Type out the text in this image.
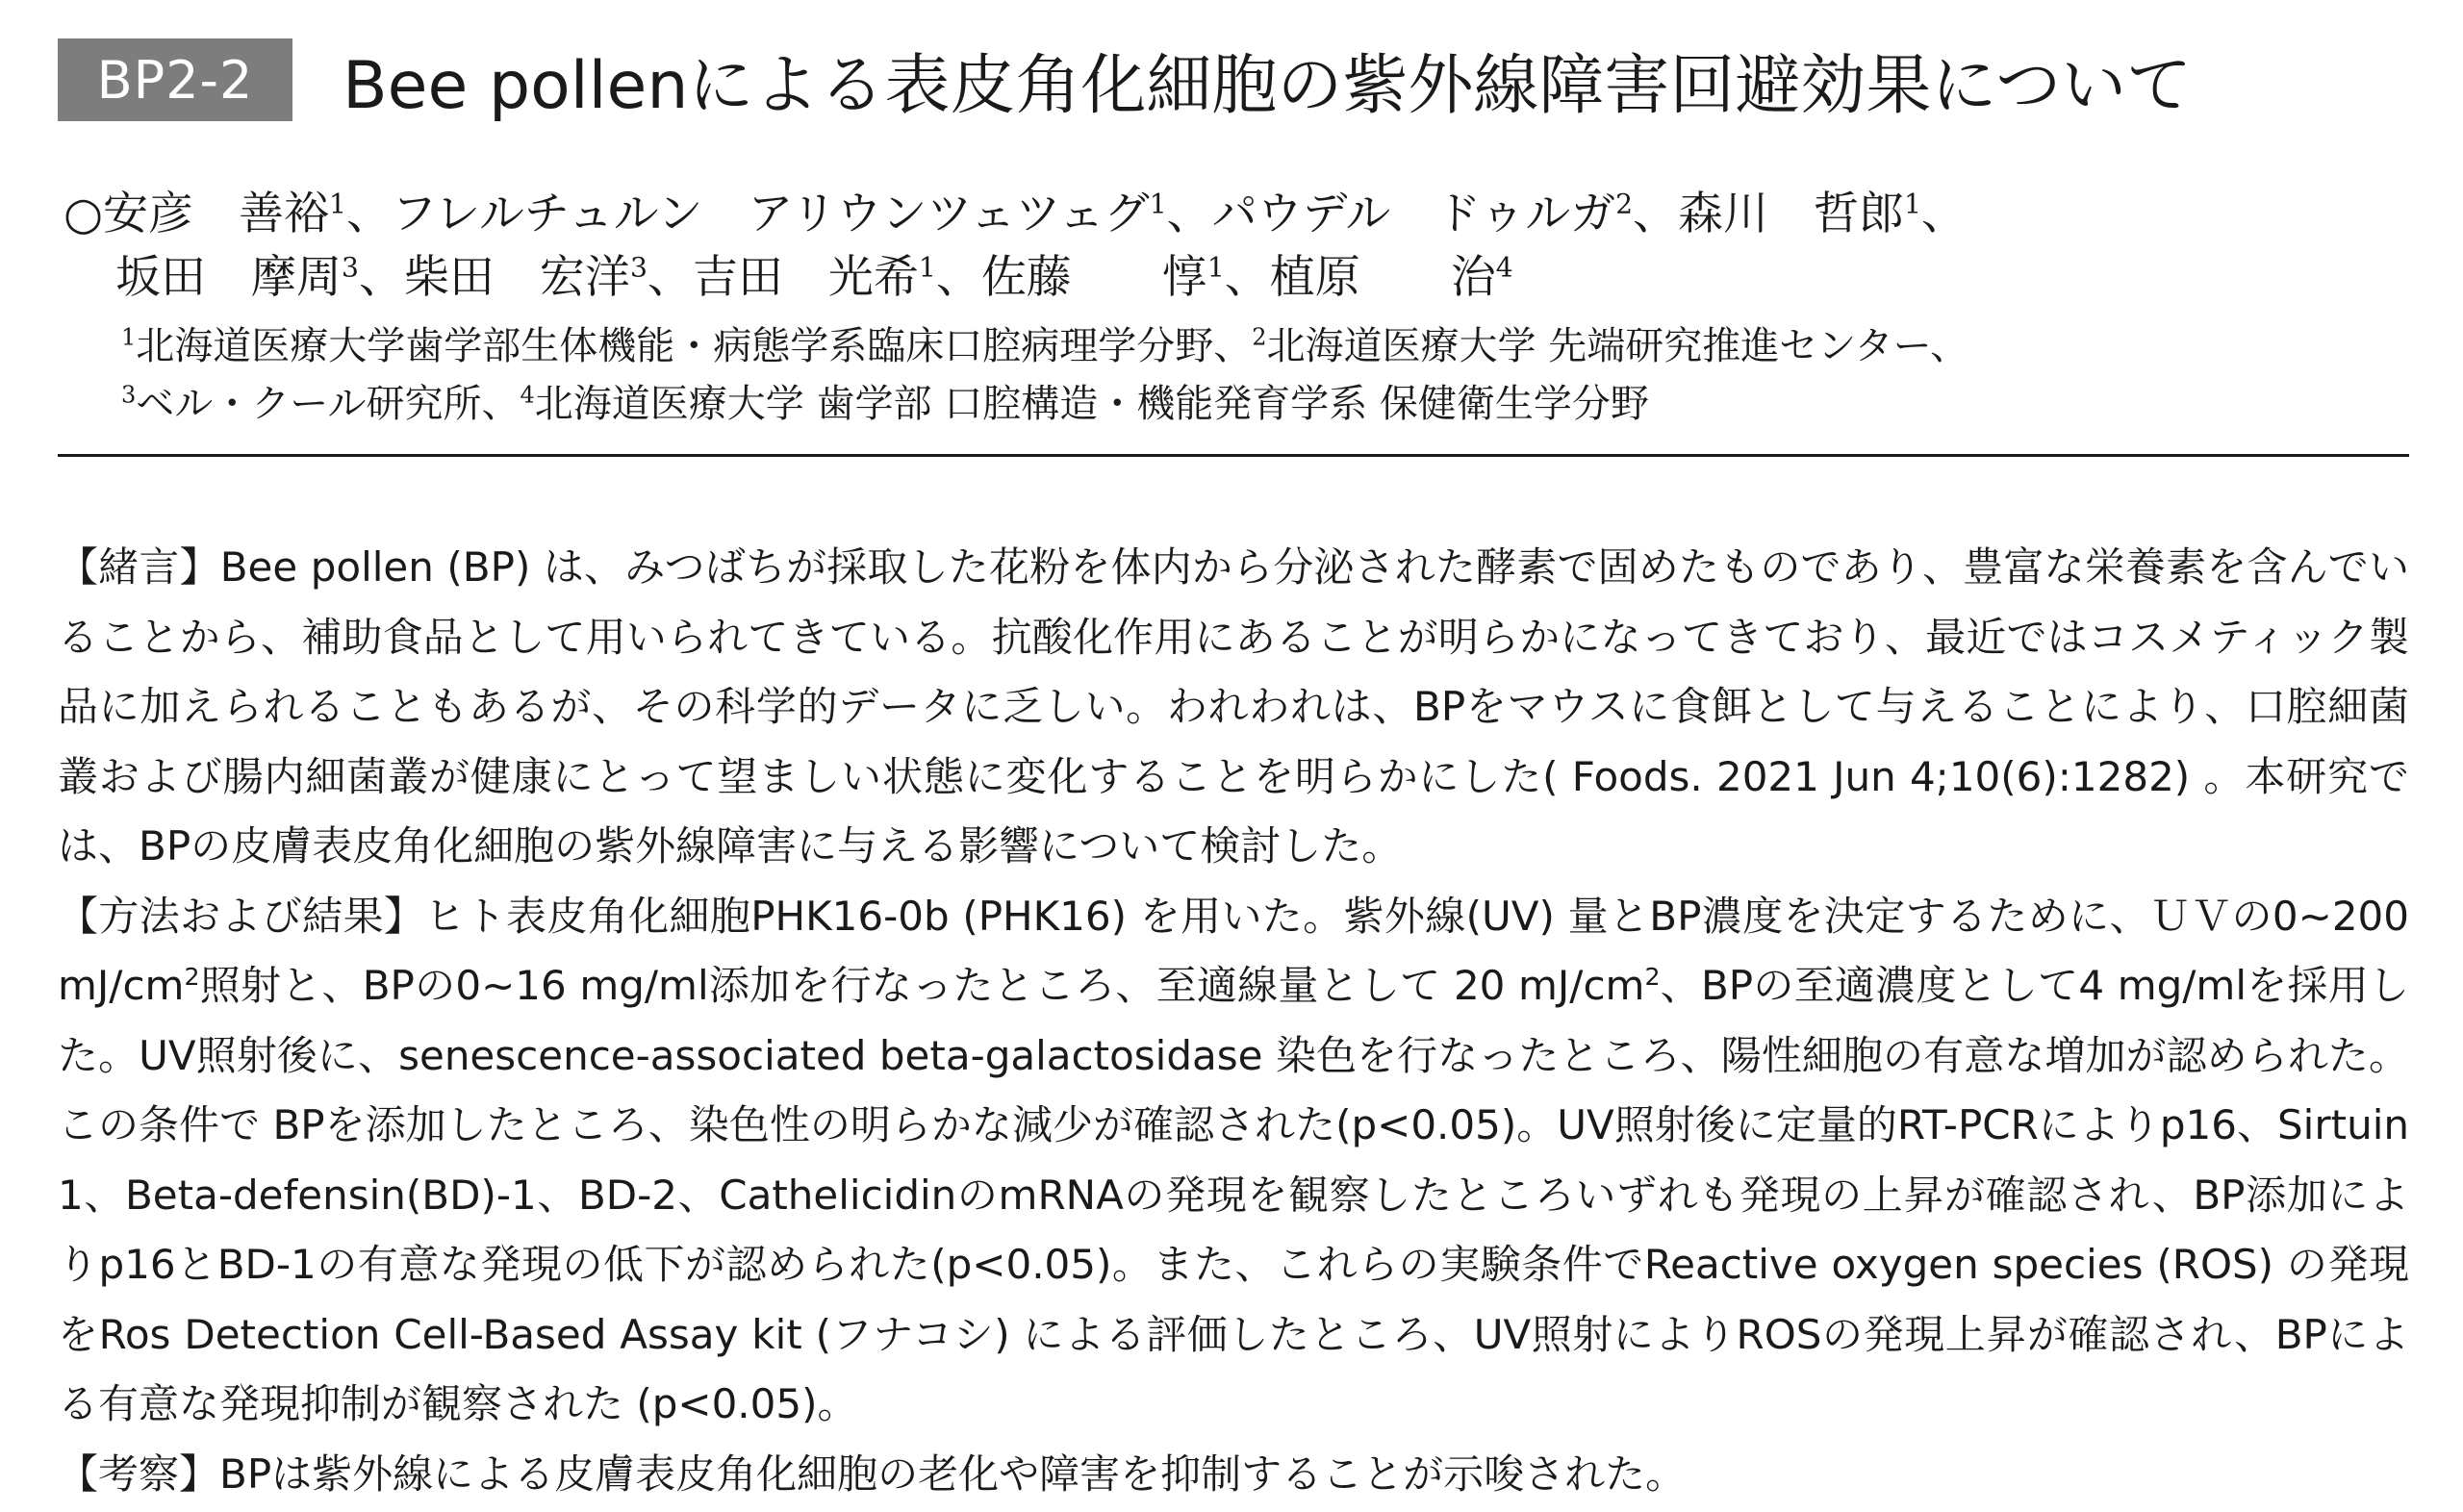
BP2-2	Bee pollenによる表皮角化細胞の紫外線障害回避効果について
○安彦　善裕$^1$、フレルチュルン　アリウンツェツェグ$^1$、パウデル　ドゥルガ$^2$、森川　哲郎$^1$、
坂田　摩周$^3$、柴田　宏洋$^3$、吉田　光希$^1$、佐藤　　惇$^1$、植原　　治$^4$
$^1$北海道医療大学歯学部生体機能・病態学系臨床口腔病理学分野、$^2$北海道医療大学 先端研究推進センター、
$^3$ベル・クール研究所、$^4$北海道医療大学 歯学部 口腔構造・機能発育学系 保健衛生学分野

【緒言】Bee pollen (BP) は、みつばちが採取した花粉を体内から分泌された酵素で固めたものであり、豊富な栄養素を含んでいることから、補助食品として用いられてきている。抗酸化作用にあることが明らかになってきており、最近ではコスメティック製品に加えられることもあるが、その科学的データに乏しい。われわれは、BPをマウスに食餌として与えることにより、口腔細菌叢および腸内細菌叢が健康にとって望ましい状態に変化することを明らかにした( Foods. 2021 Jun 4;10(6):1282) 。本研究では、BPの皮膚表皮角化細胞の紫外線障害に与える影響について検討した。

【方法および結果】ヒト表皮角化細胞PHK16-0b (PHK16) を用いた。紫外線(UV) 量とBP濃度を決定するために、ＵＶの0~200 $mJ/cm^2$照射と、BPの0~16 mg/ml添加を行なったところ、至適線量として 20 $mJ/cm^2$、BPの至適濃度として4 mg/mlを採用した。UV照射後に、senescence-associated beta-galactosidase 染色を行なったところ、陽性細胞の有意な増加が認められた。この条件で BPを添加したところ、染色性の明らかな減少が確認された(p<0.05)。UV照射後に定量的RT-PCRによりp16、Sirtuin 1、Beta-defensin(BD)-1、BD-2、CathelicidinのmRNAの発現を観察したところいずれも発現の上昇が確認され、BP添加によりp16とBD-1の有意な発現の低下が認められた(p<0.05)。また、これらの実験条件でReactive oxygen species (ROS) の発現をRos Detection Cell-Based Assay kit (フナコシ) による評価したところ、UV照射によりROSの発現上昇が確認され、BPによる有意な発現抑制が観察された (p<0.05)。

【考察】BPは紫外線による皮膚表皮角化細胞の老化や障害を抑制することが示唆された。
